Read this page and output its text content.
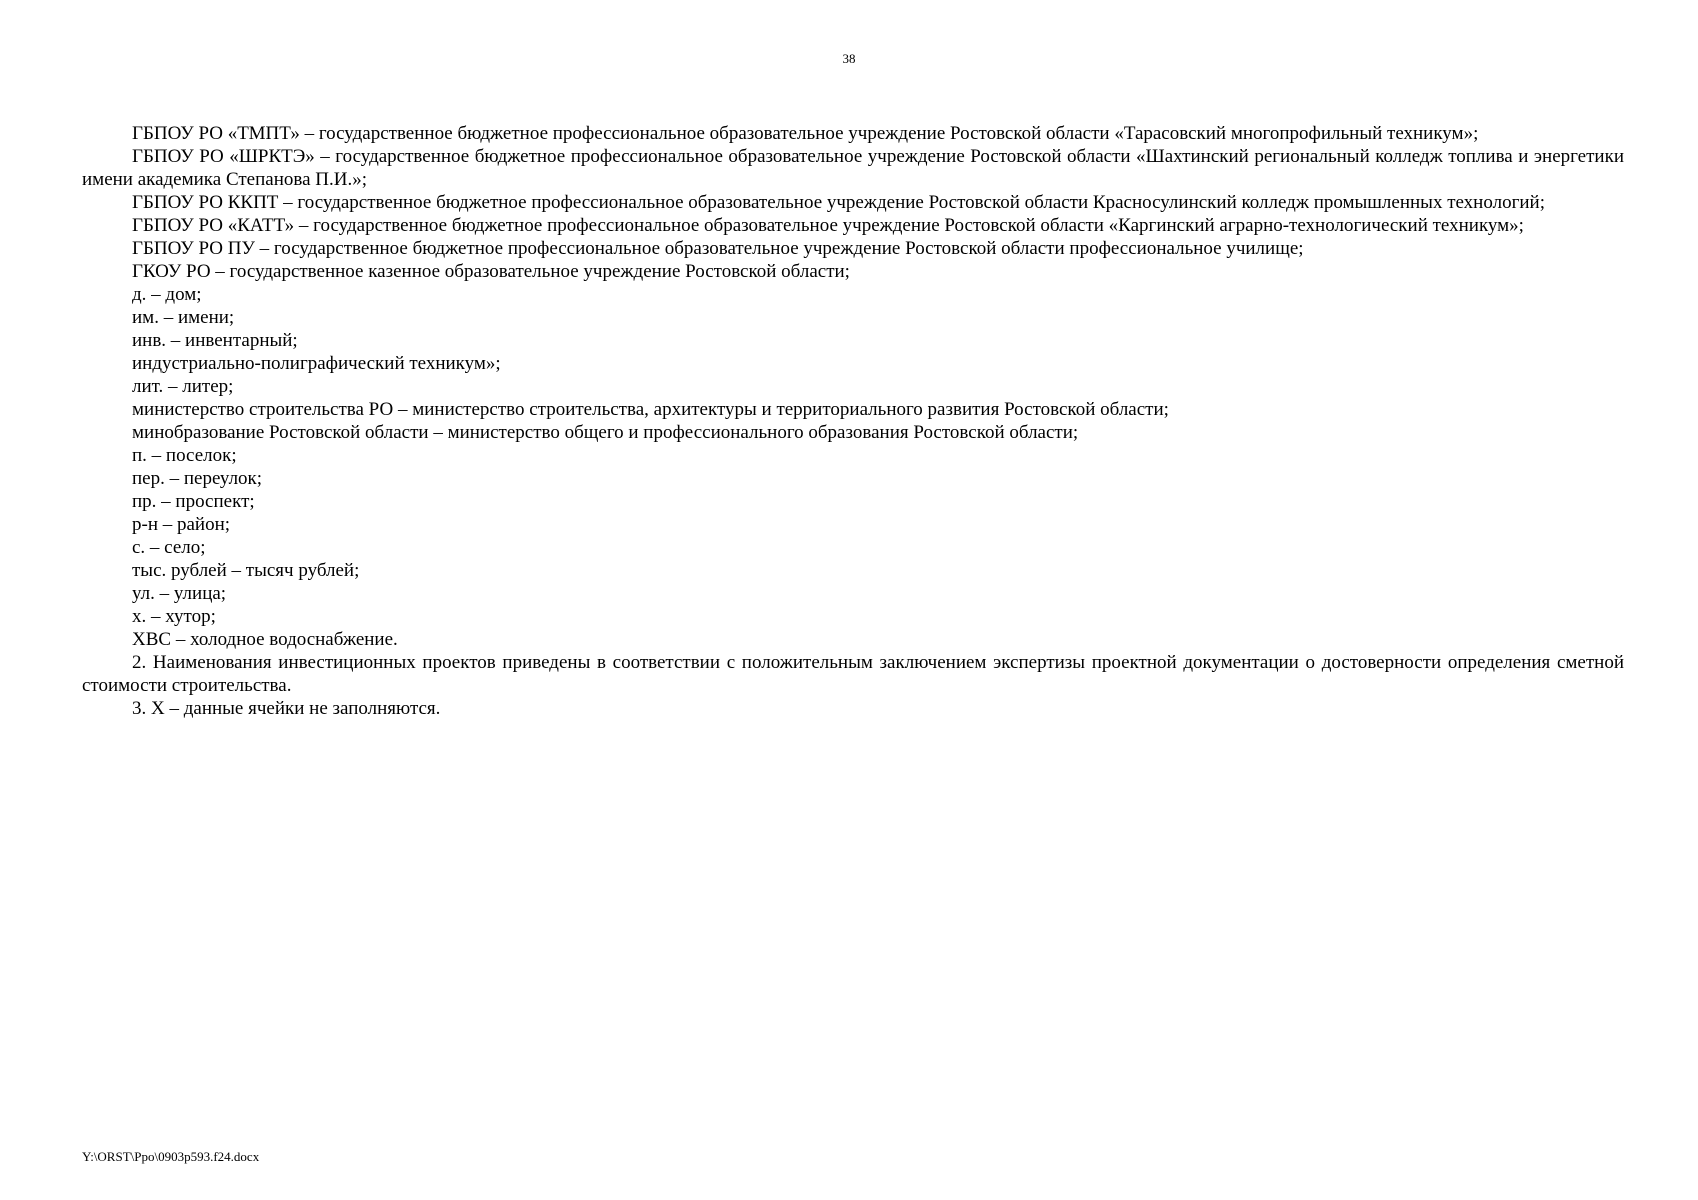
38

ГБПОУ РО «ТМПТ» – государственное бюджетное профессиональное образовательное учреждение Ростовской области «Тарасовский многопрофильный техникум»;

ГБПОУ РО «ШРКТЭ» – государственное бюджетное профессиональное образовательное учреждение Ростовской области «Шахтинский региональный колледж топлива и энергетики имени академика Степанова П.И.»;

ГБПОУ РО ККПТ – государственное бюджетное профессиональное образовательное учреждение Ростовской области Красносулинский колледж промышленных технологий;

ГБПОУ РО «КАТТ» – государственное бюджетное профессиональное образовательное учреждение Ростовской области «Каргинский аграрно-технологический техникум»;

ГБПОУ РО ПУ – государственное бюджетное профессиональное образовательное учреждение Ростовской области профессиональное училище;

ГКОУ РО – государственное казенное образовательное учреждение Ростовской области;

д. – дом;

им. – имени;

инв. – инвентарный;

индустриально-полиграфический техникум»;

лит. – литер;

министерство строительства РО – министерство строительства, архитектуры и территориального развития Ростовской области;

минобразование Ростовской области – министерство общего и профессионального образования Ростовской области;

п. – поселок;

пер. – переулок;

пр. – проспект;

р-н – район;

с. – село;

тыс. рублей – тысяч рублей;

ул. – улица;

х. – хутор;

ХВС – холодное водоснабжение.

2. Наименования инвестиционных проектов приведены в соответствии с положительным заключением экспертизы проектной документации о достоверности определения сметной стоимости строительства.

3. Х – данные ячейки не заполняются.

Y:\ORST\Ppo\0903p593.f24.docx
